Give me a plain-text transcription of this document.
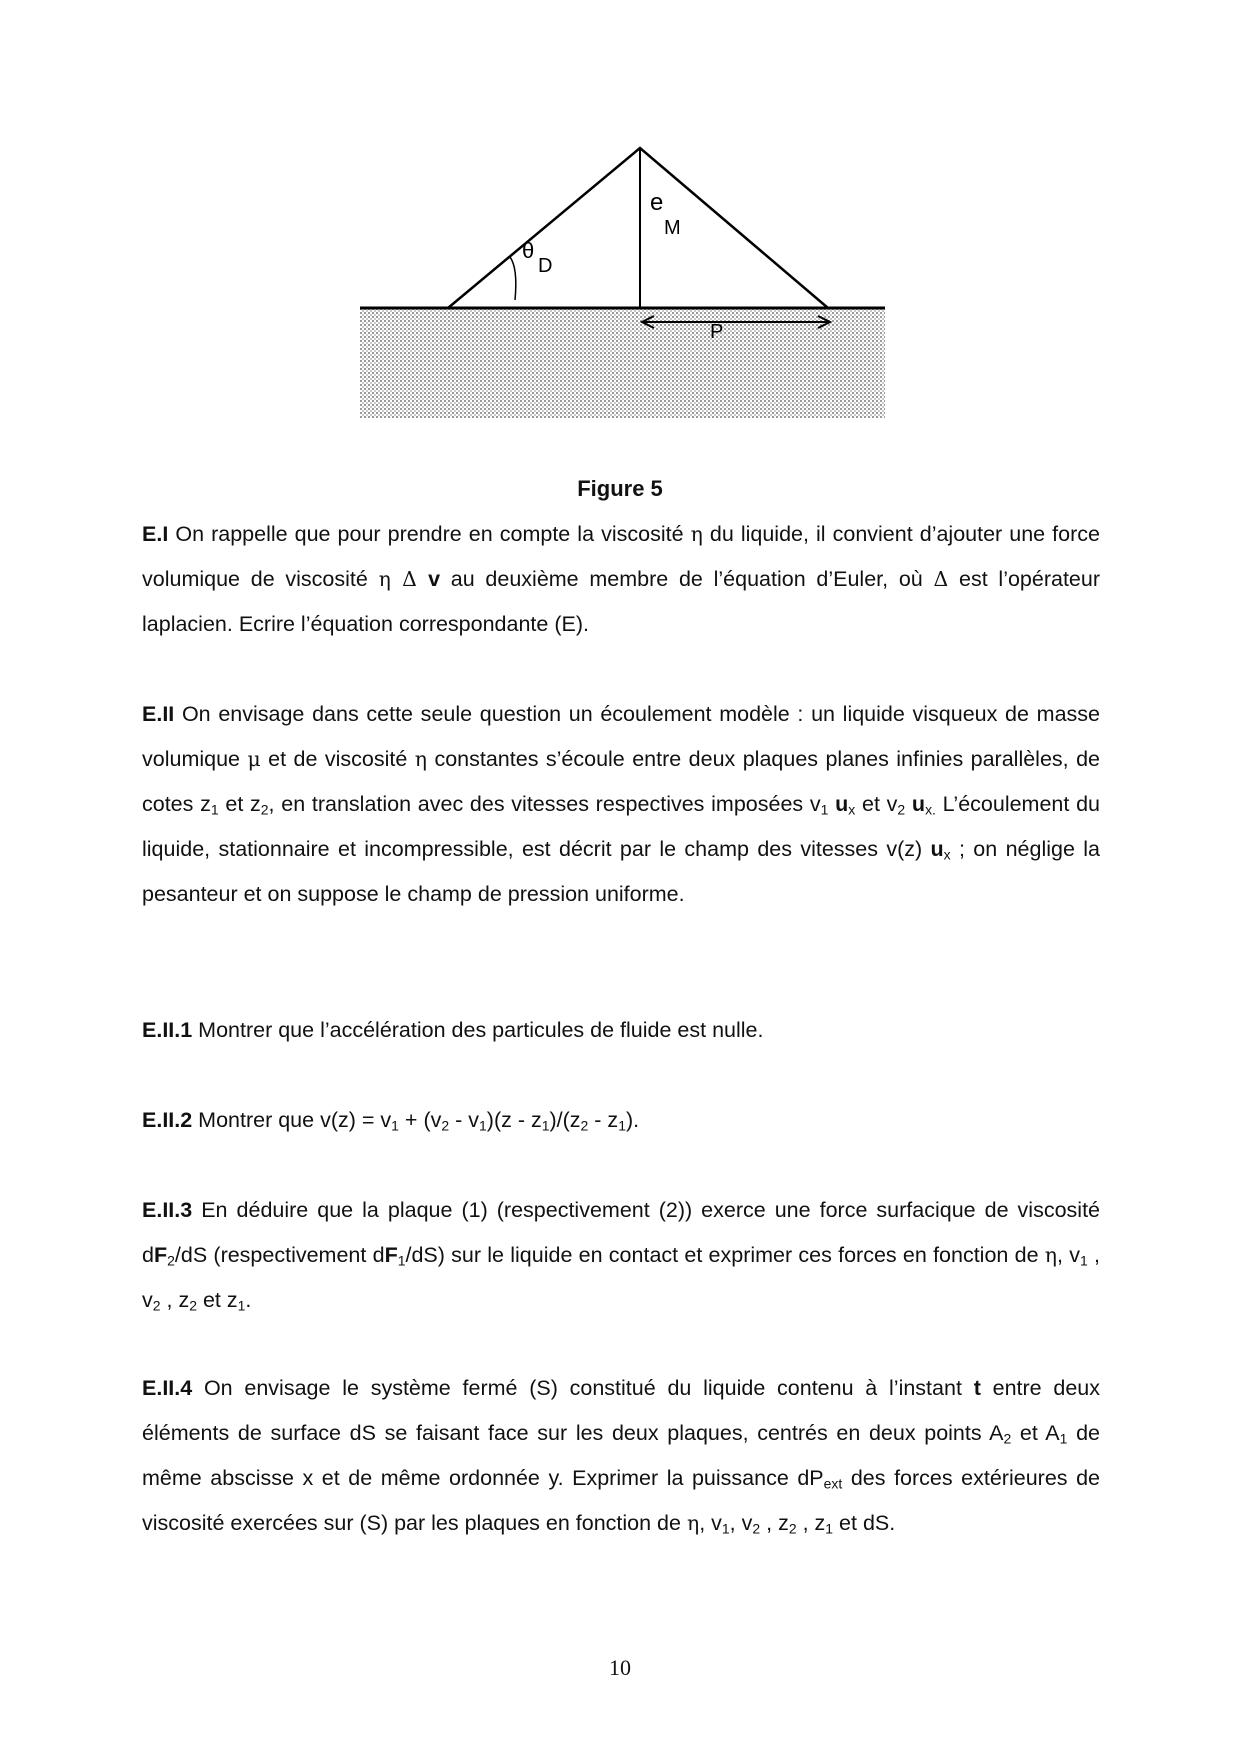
θ
D
e
M
P
Figure 5

E.I On rappelle que pour prendre en compte la viscosité η du liquide, il convient d’ajouter une force volumique de viscosité η Δ v au deuxième membre de l’équation d’Euler, où Δ est l’opérateur laplacien. Ecrire l’équation correspondante (E).

E.II On envisage dans cette seule question un écoulement modèle : un liquide visqueux de masse volumique μ et de viscosité η constantes s’écoule entre deux plaques planes infinies parallèles, de cotes $z_1$ et $z_2$, en translation avec des vitesses respectives imposées $v_1$ $u_x$ et $v_2$ $u_{x.}$ L’écoulement du liquide, stationnaire et incompressible, est décrit par le champ des vitesses v(z) $u_x$ ; on néglige la pesanteur et on suppose le champ de pression uniforme.

E.II.1 Montrer que l’accélération des particules de fluide est nulle.

E.II.2 Montrer que $v(z) = v_1 + (v_2 - v_1)(z - z_1)/(z_2 - z_1)$.

E.II.3 En déduire que la plaque (1) (respectivement (2)) exerce une force surfacique de viscosité $dF_2/dS$ (respectivement $dF_1/dS$) sur le liquide en contact et exprimer ces forces en fonction de η, $v_1$ , $v_2$ , $z_2$ et $z_1$.

E.II.4 On envisage le système fermé (S) constitué du liquide contenu à l’instant t entre deux éléments de surface dS se faisant face sur les deux plaques, centrés en deux points $A_2$ et $A_1$ de même abscisse x et de même ordonnée y. Exprimer la puissance $dP_{ext}$ des forces extérieures de viscosité exercées sur (S) par les plaques en fonction de η, $v_1$, $v_2$ , $z_2$ , $z_1$ et dS.

10
